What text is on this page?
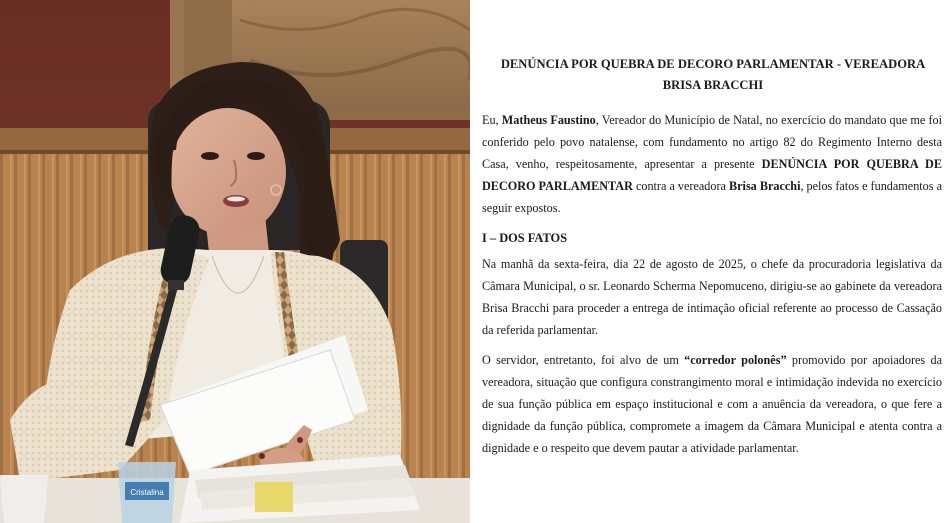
Cristalina
DENÚNCIA POR QUEBRA DE DECORO PARLAMENTAR - VEREADORA BRISA BRACCHI

Eu, Matheus Faustino, Vereador do Município de Natal, no exercício do mandato que me foi conferido pelo povo natalense, com fundamento no artigo 82 do Regimento Interno desta Casa, venho, respeitosamente, apresentar a presente DENÚNCIA POR QUEBRA DE DECORO PARLAMENTAR contra a vereadora Brisa Bracchi, pelos fatos e fundamentos a seguir expostos.

I – DOS FATOS

Na manhã da sexta-feira, dia 22 de agosto de 2025, o chefe da procuradoria legislativa da Câmara Municipal, o sr. Leonardo Scherma Nepomuceno, dirigiu-se ao gabinete da vereadora Brisa Bracchi para proceder a entrega de intimação oficial referente ao processo de Cassação da referida parlamentar.

O servidor, entretanto, foi alvo de um “corredor polonês” promovido por apoiadores da vereadora, situação que configura constrangimento moral e intimidação indevida no exercício de sua função pública em espaço institucional e com a anuência da vereadora, o que fere a dignidade da função pública, compromete a imagem da Câmara Municipal e atenta contra a dignidade e o respeito que devem pautar a atividade parlamentar.
